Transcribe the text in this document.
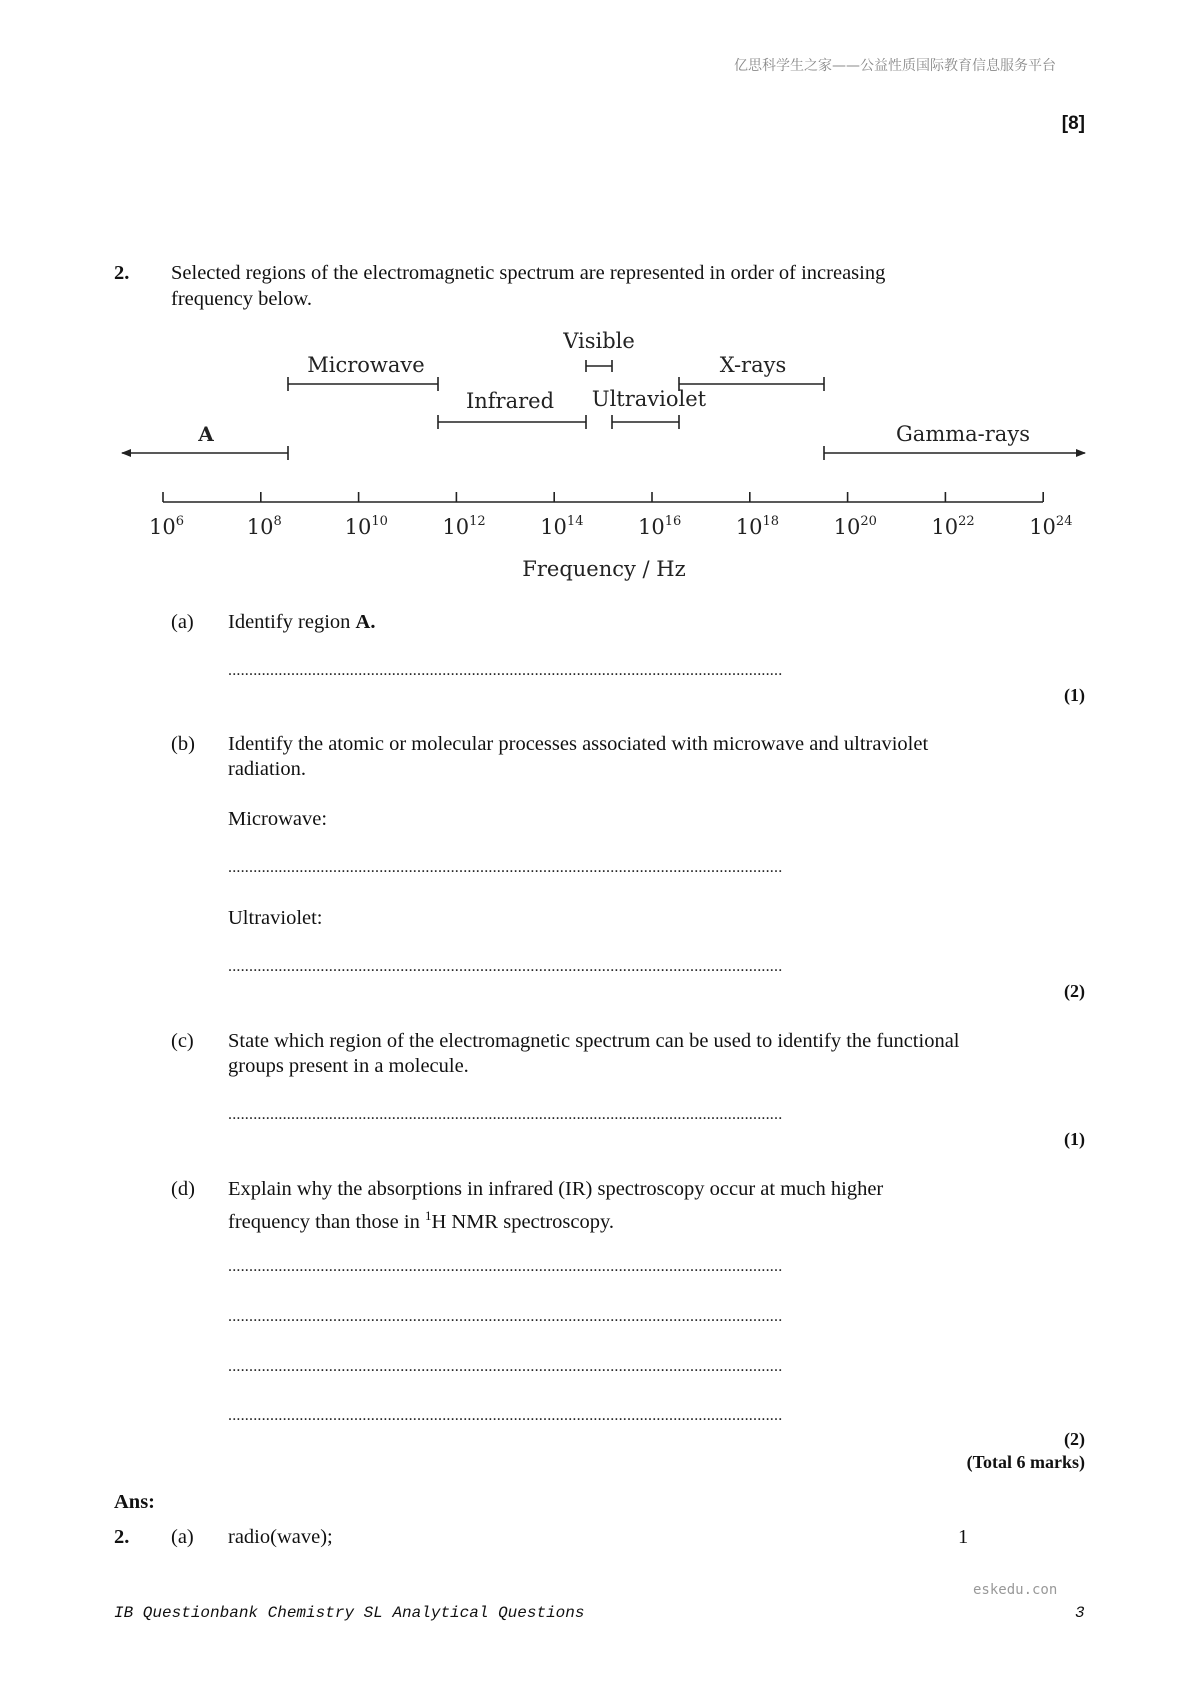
亿思科学生之家——公益性质国际教育信息服务平台
[8]
2. Selected regions of the electromagnetic spectrum are represented in order of increasing
frequency below.
$10^6$	$10^8$	$10^{10}$	$10^{12}$	$10^{14}$	$10^{16}$	$10^{18}$	$10^{20}$	$10^{22}$	$10^{24}$
A
Microwave
Infrared
Visible
Ultraviolet
X-rays
Gamma-rays
Frequency / Hz
(a) Identify region A.
....................................................................................................................................
(1)
(b) Identify the atomic or molecular processes associated with microwave and ultraviolet
radiation.
Microwave:
....................................................................................................................................
Ultraviolet:
....................................................................................................................................
(2)
(c) State which region of the electromagnetic spectrum can be used to identify the functional
groups present in a molecule.
....................................................................................................................................
(1)
(d) Explain why the absorptions in infrared (IR) spectroscopy occur at much higher
frequency than those in $^1$H NMR spectroscopy.
....................................................................................................................................
....................................................................................................................................
....................................................................................................................................
....................................................................................................................................
(2)
(Total 6 marks)
Ans:
2. (a) radio(wave);	1
eskedu.con
IB Questionbank Chemistry SL Analytical Questions	3
